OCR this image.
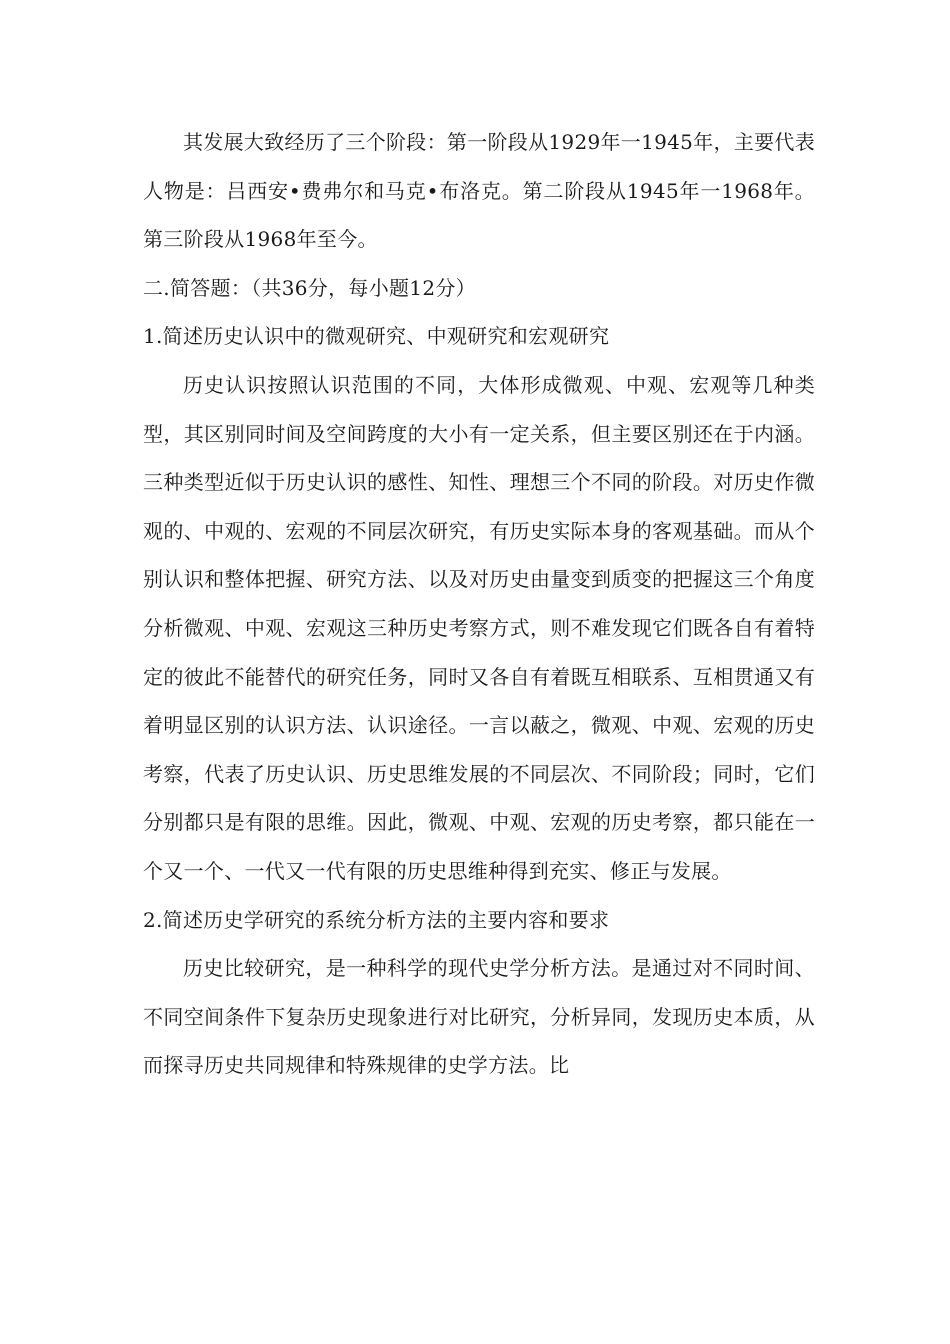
其发展大致经历了三个阶段：第一阶段从1929年一1945年，主要代表人物是：吕西安•费弗尔和马克•布洛克。第二阶段从1945年一1968年。第三阶段从1968年至今。

二.简答题：（共36分，每小题12分）

1.简述历史认识中的微观研究、中观研究和宏观研究

历史认识按照认识范围的不同，大体形成微观、中观、宏观等几种类型，其区别同时间及空间跨度的大小有一定关系，但主要区别还在于内涵。三种类型近似于历史认识的感性、知性、理想三个不同的阶段。对历史作微观的、中观的、宏观的不同层次研究，有历史实际本身的客观基础。而从个别认识和整体把握、研究方法、以及对历史由量变到质变的把握这三个角度分析微观、中观、宏观这三种历史考察方式，则不难发现它们既各自有着特定的彼此不能替代的研究任务，同时又各自有着既互相联系、互相贯通又有着明显区别的认识方法、认识途径。一言以蔽之，微观、中观、宏观的历史考察，代表了历史认识、历史思维发展的不同层次、不同阶段；同时，它们分别都只是有限的思维。因此，微观、中观、宏观的历史考察，都只能在一个又一个、一代又一代有限的历史思维种得到充实、修正与发展。

2.简述历史学研究的系统分析方法的主要内容和要求

历史比较研究，是一种科学的现代史学分析方法。是通过对不同时间、不同空间条件下复杂历史现象进行对比研究，分析异同，发现历史本质，从而探寻历史共同规律和特殊规律的史学方法。比
